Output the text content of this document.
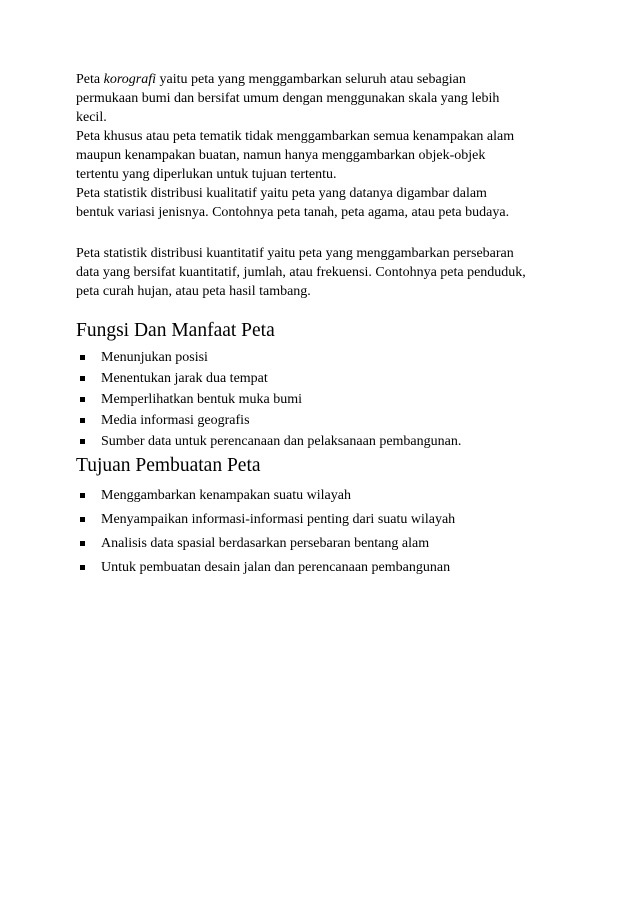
Peta korografi yaitu peta yang menggambarkan seluruh atau sebagian
permukaan bumi dan bersifat umum dengan menggunakan skala yang lebih
kecil.
Peta khusus atau peta tematik tidak menggambarkan semua kenampakan alam
maupun kenampakan buatan, namun hanya menggambarkan objek-objek
tertentu yang diperlukan untuk tujuan tertentu.
Peta statistik distribusi kualitatif yaitu peta yang datanya digambar dalam
bentuk variasi jenisnya. Contohnya peta tanah, peta agama, atau peta budaya.

Peta statistik distribusi kuantitatif yaitu peta yang menggambarkan persebaran
data yang bersifat kuantitatif, jumlah, atau frekuensi. Contohnya peta penduduk,
peta curah hujan, atau peta hasil tambang.

Fungsi Dan Manfaat Peta
Menunjukan posisi
Menentukan jarak dua tempat
Memperlihatkan bentuk muka bumi
Media informasi geografis
Sumber data untuk perencanaan dan pelaksanaan pembangunan.
Tujuan Pembuatan Peta
Menggambarkan kenampakan suatu wilayah
Menyampaikan informasi-informasi penting dari suatu wilayah
Analisis data spasial berdasarkan persebaran bentang alam
Untuk pembuatan desain jalan dan perencanaan pembangunan
